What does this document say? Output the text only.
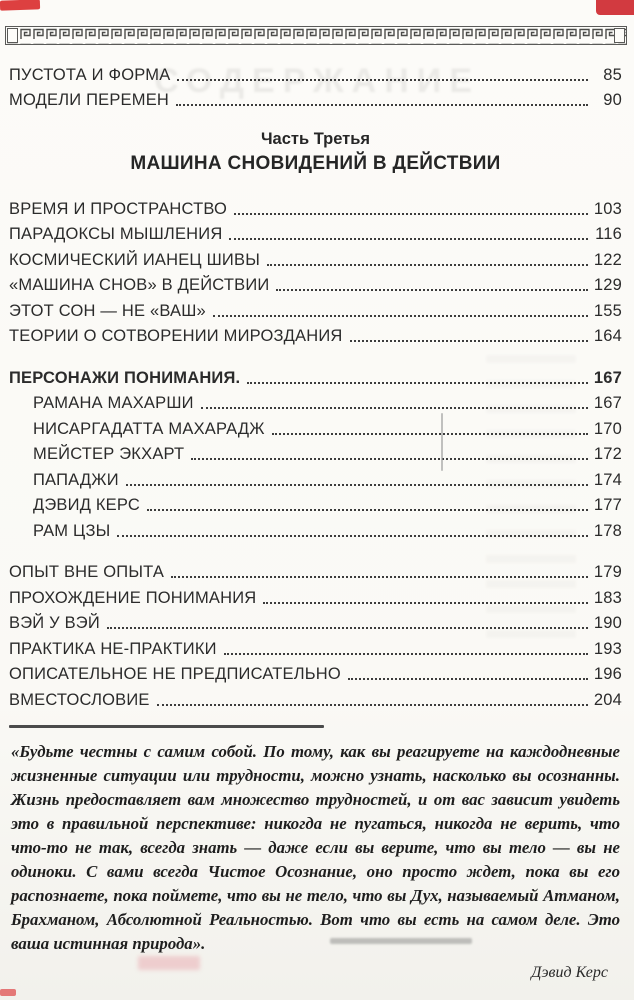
СОДЕРЖАНИЕ
ПУСТОТА И ФОРМА	85
МОДЕЛИ ПЕРЕМЕН	90
Часть Третья
МАШИНА СНОВИДЕНИЙ В ДЕЙСТВИИ
ВРЕМЯ И ПРОСТРАНСТВО	103
ПАРАДОКСЫ МЫШЛЕНИЯ	116
КОСМИЧЕСКИЙ ИАНЕЦ ШИВЫ	122
«МАШИНА СНОВ» В ДЕЙСТВИИ	129
ЭТОТ СОН — НЕ «ВАШ»	155
ТЕОРИИ О СОТВОРЕНИИ МИРОЗДАНИЯ	164
ПЕРСОНАЖИ ПОНИМАНИЯ.	167
РАМАНА МАХАРШИ	167
НИСАРГАДАТТА МАХАРАДЖ	170
МЕЙСТЕР ЭКХАРТ	172
ПАПАДЖИ	174
ДЭВИД КЕРС	177
РАМ ЦЗЫ	178
ОПЫТ ВНЕ ОПЫТА	179
ПРОХОЖДЕНИЕ ПОНИМАНИЯ	183
ВЭЙ У ВЭЙ	190
ПРАКТИКА НЕ-ПРАКТИКИ	193
ОПИСАТЕЛЬНОЕ НЕ ПРЕДПИСАТЕЛЬНО	196
ВМЕСТОСЛОВИЕ	204
«Будьте честны с самим собой. По тому, как вы реагируете на каждодневные жизненные ситуации или трудности, можно узнать, насколько вы осознанны. Жизнь предоставляет вам множество трудностей, и от вас зависит увидеть это в правильной перспективе: никогда не пугаться, никогда не верить, что что-то не так, всегда знать — даже если вы верите, что вы тело — вы не одиноки. С вами всегда Чистое Осознание, оно просто ждет, пока вы его распознаете, пока поймете, что вы не тело, что вы Дух, называемый Атманом, Брахманом, Абсолютной Реальностью. Вот что вы есть на самом деле. Это ваша истинная природа».
Дэвид Керс
